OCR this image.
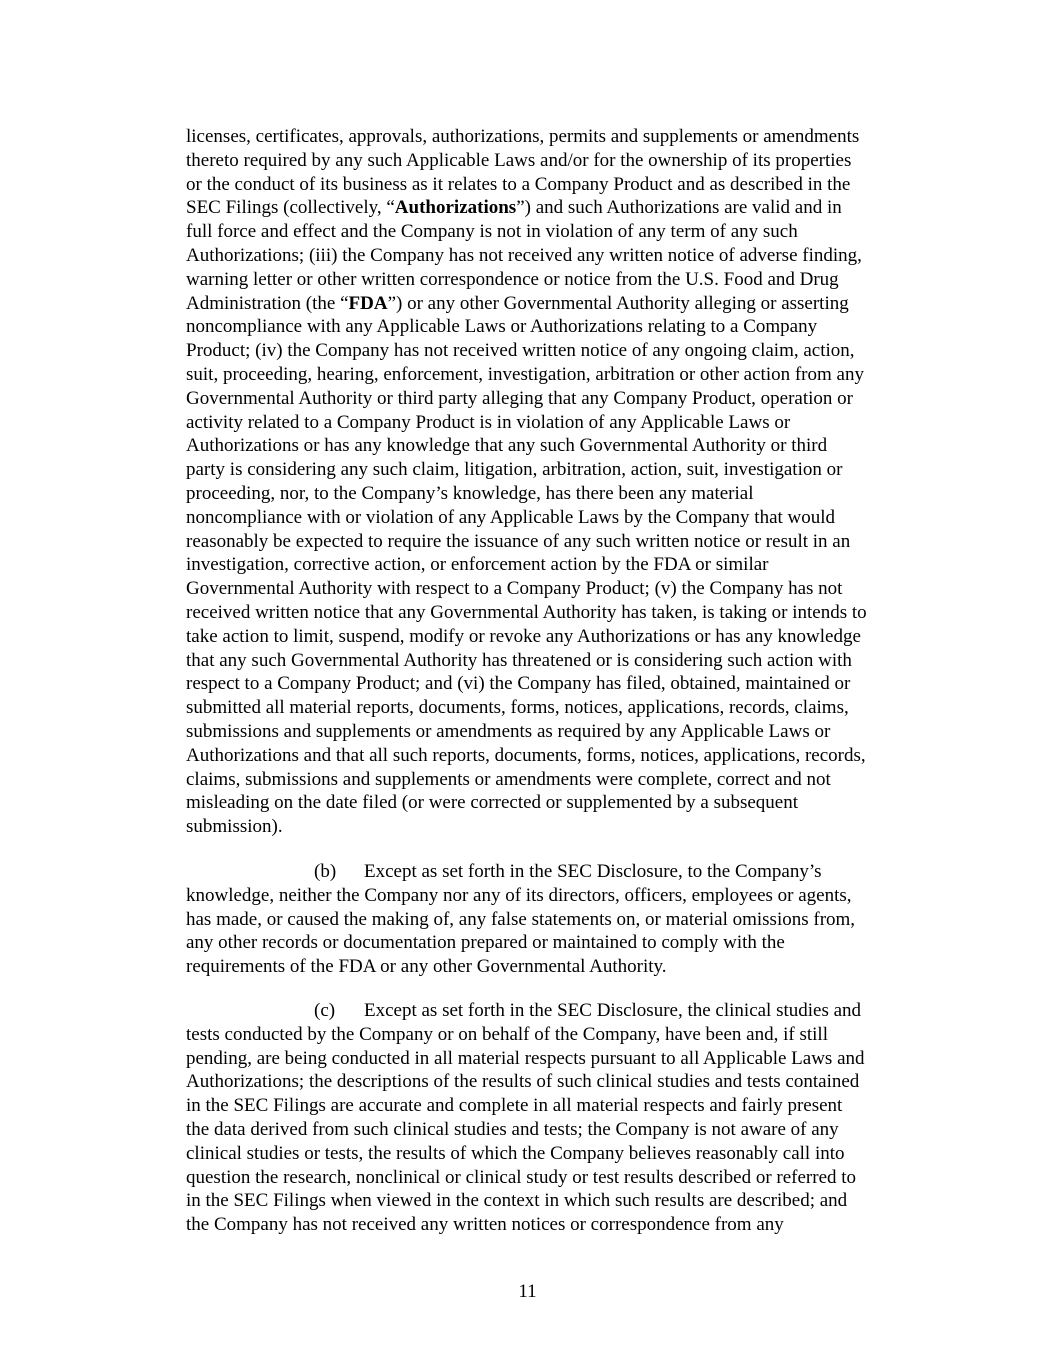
licenses, certificates, approvals, authorizations, permits and supplements or amendments
thereto required by any such Applicable Laws and/or for the ownership of its properties
or the conduct of its business as it relates to a Company Product and as described in the
SEC Filings (collectively, “Authorizations”) and such Authorizations are valid and in
full force and effect and the Company is not in violation of any term of any such
Authorizations; (iii) the Company has not received any written notice of adverse finding,
warning letter or other written correspondence or notice from the U.S. Food and Drug
Administration (the “FDA”) or any other Governmental Authority alleging or asserting
noncompliance with any Applicable Laws or Authorizations relating to a Company
Product; (iv) the Company has not received written notice of any ongoing claim, action,
suit, proceeding, hearing, enforcement, investigation, arbitration or other action from any
Governmental Authority or third party alleging that any Company Product, operation or
activity related to a Company Product is in violation of any Applicable Laws or
Authorizations or has any knowledge that any such Governmental Authority or third
party is considering any such claim, litigation, arbitration, action, suit, investigation or
proceeding, nor, to the Company’s knowledge, has there been any material
noncompliance with or violation of any Applicable Laws by the Company that would
reasonably be expected to require the issuance of any such written notice or result in an
investigation, corrective action, or enforcement action by the FDA or similar
Governmental Authority with respect to a Company Product; (v) the Company has not
received written notice that any Governmental Authority has taken, is taking or intends to
take action to limit, suspend, modify or revoke any Authorizations or has any knowledge
that any such Governmental Authority has threatened or is considering such action with
respect to a Company Product; and (vi) the Company has filed, obtained, maintained or
submitted all material reports, documents, forms, notices, applications, records, claims,
submissions and supplements or amendments as required by any Applicable Laws or
Authorizations and that all such reports, documents, forms, notices, applications, records,
claims, submissions and supplements or amendments were complete, correct and not
misleading on the date filed (or were corrected or supplemented by a subsequent
submission).
(b) Except as set forth in the SEC Disclosure, to the Company’s
knowledge, neither the Company nor any of its directors, officers, employees or agents,
has made, or caused the making of, any false statements on, or material omissions from,
any other records or documentation prepared or maintained to comply with the
requirements of the FDA or any other Governmental Authority.
(c) Except as set forth in the SEC Disclosure, the clinical studies and
tests conducted by the Company or on behalf of the Company, have been and, if still
pending, are being conducted in all material respects pursuant to all Applicable Laws and
Authorizations; the descriptions of the results of such clinical studies and tests contained
in the SEC Filings are accurate and complete in all material respects and fairly present
the data derived from such clinical studies and tests; the Company is not aware of any
clinical studies or tests, the results of which the Company believes reasonably call into
question the research, nonclinical or clinical study or test results described or referred to
in the SEC Filings when viewed in the context in which such results are described; and
the Company has not received any written notices or correspondence from any
11
